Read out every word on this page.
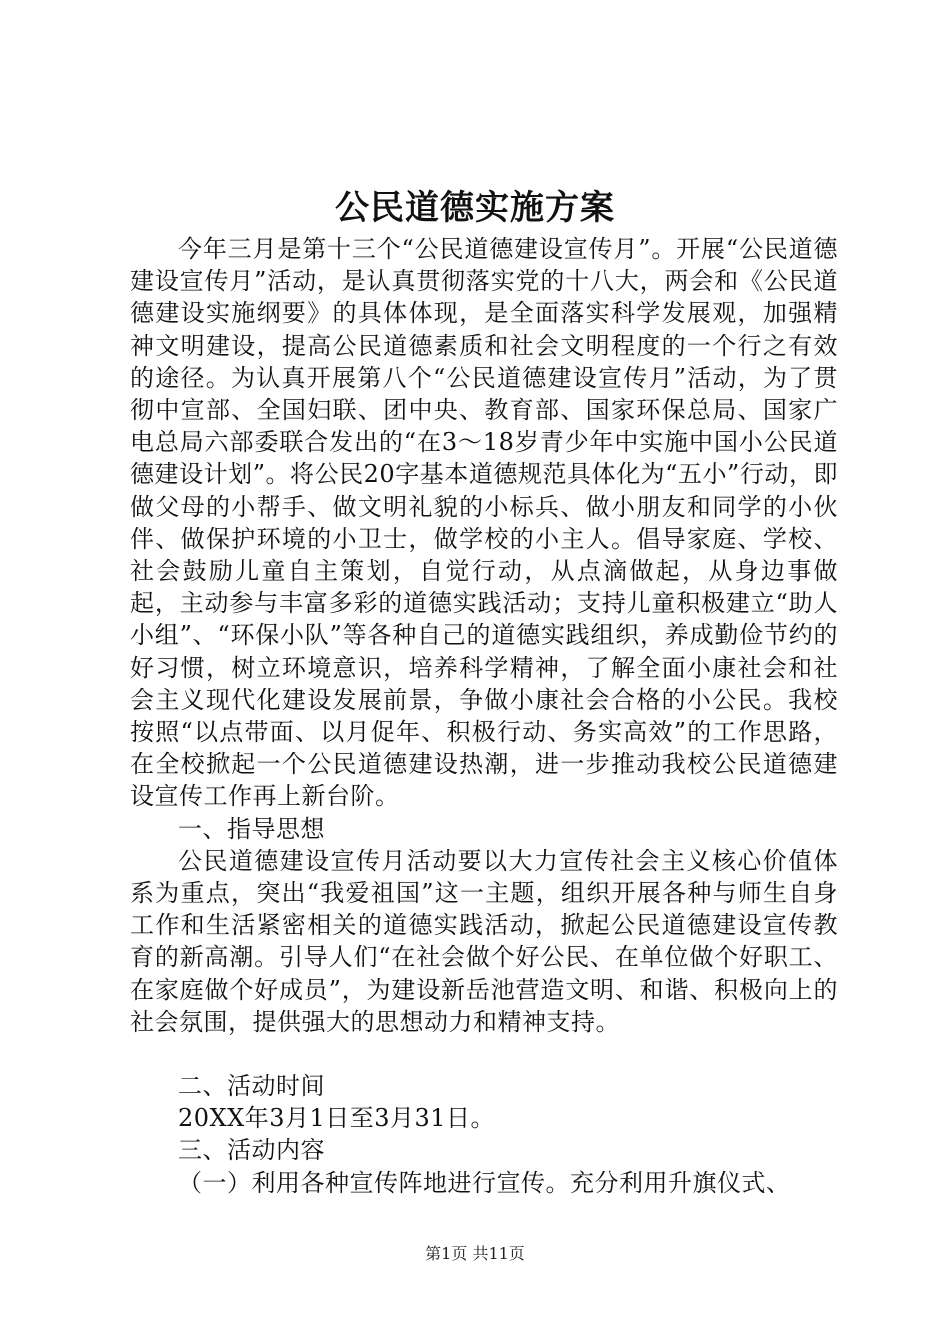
公民道德实施方案

今年三月是第十三个“公民道德建设宣传月”。开展“公民道德建设宣传月”活动，是认真贯彻落实党的十八大，两会和《公民道德建设实施纲要》的具体体现，是全面落实科学发展观，加强精神文明建设，提高公民道德素质和社会文明程度的一个行之有效的途径。为认真开展第八个“公民道德建设宣传月”活动，为了贯彻中宣部、全国妇联、团中央、教育部、国家环保总局、国家广电总局六部委联合发出的“在3～18岁青少年中实施中国小公民道德建设计划”。将公民20字基本道德规范具体化为“五小”行动，即做父母的小帮手、做文明礼貌的小标兵、做小朋友和同学的小伙伴、做保护环境的小卫士，做学校的小主人。倡导家庭、学校、社会鼓励儿童自主策划，自觉行动，从点滴做起，从身边事做起，主动参与丰富多彩的道德实践活动；支持儿童积极建立“助人小组”、“环保小队”等各种自己的道德实践组织，养成勤俭节约的好习惯，树立环境意识，培养科学精神，了解全面小康社会和社会主义现代化建设发展前景，争做小康社会合格的小公民。我校按照“以点带面、以月促年、积极行动、务实高效”的工作思路，在全校掀起一个公民道德建设热潮，进一步推动我校公民道德建设宣传工作再上新台阶。

一、指导思想

公民道德建设宣传月活动要以大力宣传社会主义核心价值体系为重点，突出“我爱祖国”这一主题，组织开展各种与师生自身工作和生活紧密相关的道德实践活动，掀起公民道德建设宣传教育的新高潮。引导人们“在社会做个好公民、在单位做个好职工、在家庭做个好成员”，为建设新岳池营造文明、和谐、积极向上的社会氛围，提供强大的思想动力和精神支持。

二、活动时间

20XX年3月1日至3月31日。

三、活动内容

（一）利用各种宣传阵地进行宣传。充分利用升旗仪式、

第1页 共11页
